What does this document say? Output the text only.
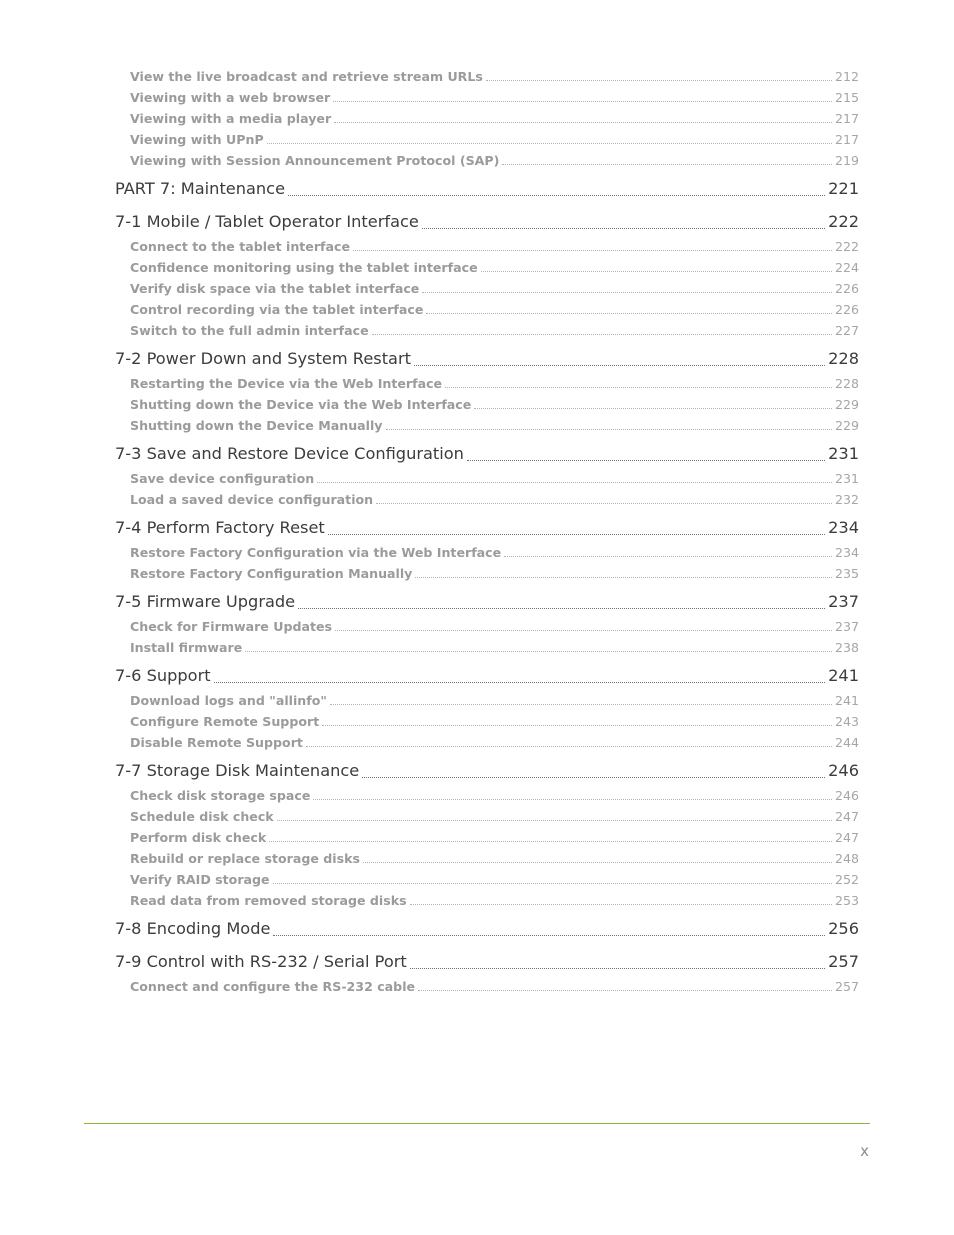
View the live broadcast and retrieve stream URLs	212
Viewing with a web browser	215
Viewing with a media player	217
Viewing with UPnP	217
Viewing with Session Announcement Protocol (SAP)	219
PART 7: Maintenance	221
7-1 Mobile / Tablet Operator Interface	222
Connect to the tablet interface	222
Confidence monitoring using the tablet interface	224
Verify disk space via the tablet interface	226
Control recording via the tablet interface	226
Switch to the full admin interface	227
7-2 Power Down and System Restart	228
Restarting the Device via the Web Interface	228
Shutting down the Device via the Web Interface	229
Shutting down the Device Manually	229
7-3 Save and Restore Device Configuration	231
Save device configuration	231
Load a saved device configuration	232
7-4 Perform Factory Reset	234
Restore Factory Configuration via the Web Interface	234
Restore Factory Configuration Manually	235
7-5 Firmware Upgrade	237
Check for Firmware Updates	237
Install firmware	238
7-6 Support	241
Download logs and "allinfo"	241
Configure Remote Support	243
Disable Remote Support	244
7-7 Storage Disk Maintenance	246
Check disk storage space	246
Schedule disk check	247
Perform disk check	247
Rebuild or replace storage disks	248
Verify RAID storage	252
Read data from removed storage disks	253
7-8 Encoding Mode	256
7-9 Control with RS-232 / Serial Port	257
Connect and configure the RS-232 cable	257
x
